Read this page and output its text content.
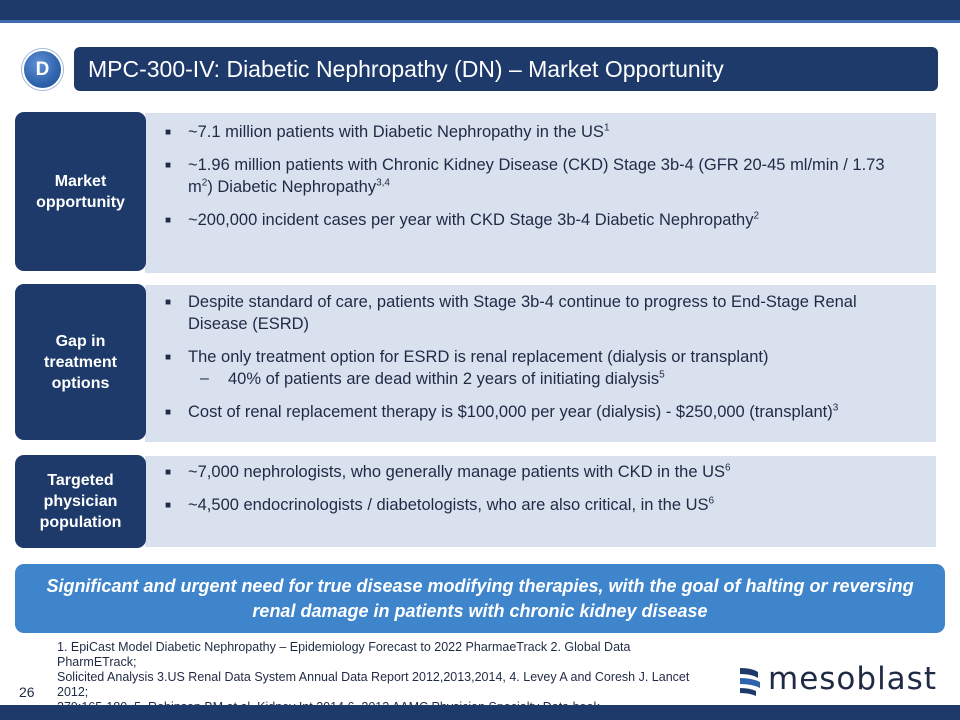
D	MPC-300-IV: Diabetic Nephropathy (DN) – Market Opportunity
Market
opportunity
■ ~7.1 million patients with Diabetic Nephropathy in the $US^1$
■ ~1.96 million patients with Chronic Kidney Disease (CKD) Stage 3b-4 (GFR 20-45 ml/min / 1.73
$m^2$) Diabetic Nephropathy$^{3,4}$
■ ~200,000 incident cases per year with CKD Stage 3b-4 Diabetic Nephropathy$^2$
Gap in
treatment
options
■ Despite standard of care, patients with Stage 3b-4 continue to progress to End-Stage Renal
Disease (ESRD)
■ The only treatment option for ESRD is renal replacement (dialysis or transplant)
– 40% of patients are dead within 2 years of initiating dialysis$^5$
■ Cost of renal replacement therapy is $100,000 per year (dialysis) - $250,000 (transplant)$^3$
Targeted
physician
population
■ ~7,000 nephrologists, who generally manage patients with CKD in the $US^6$
■ ~4,500 endocrinologists / diabetologists, who are also critical, in the $US^6$
Significant and urgent need for true disease modifying therapies, with the goal of halting or reversing renal damage in patients with chronic kidney disease
1. EpiCast Model Diabetic Nephropathy – Epidemiology Forecast to 2022 PharmaeTrack 2. Global Data PharmETrack;
Solicited Analysis 3.US Renal Data System Annual Data Report 2012,2013,2014, 4. Levey A and Coresh J. Lancet 2012;

26	mesoblast
